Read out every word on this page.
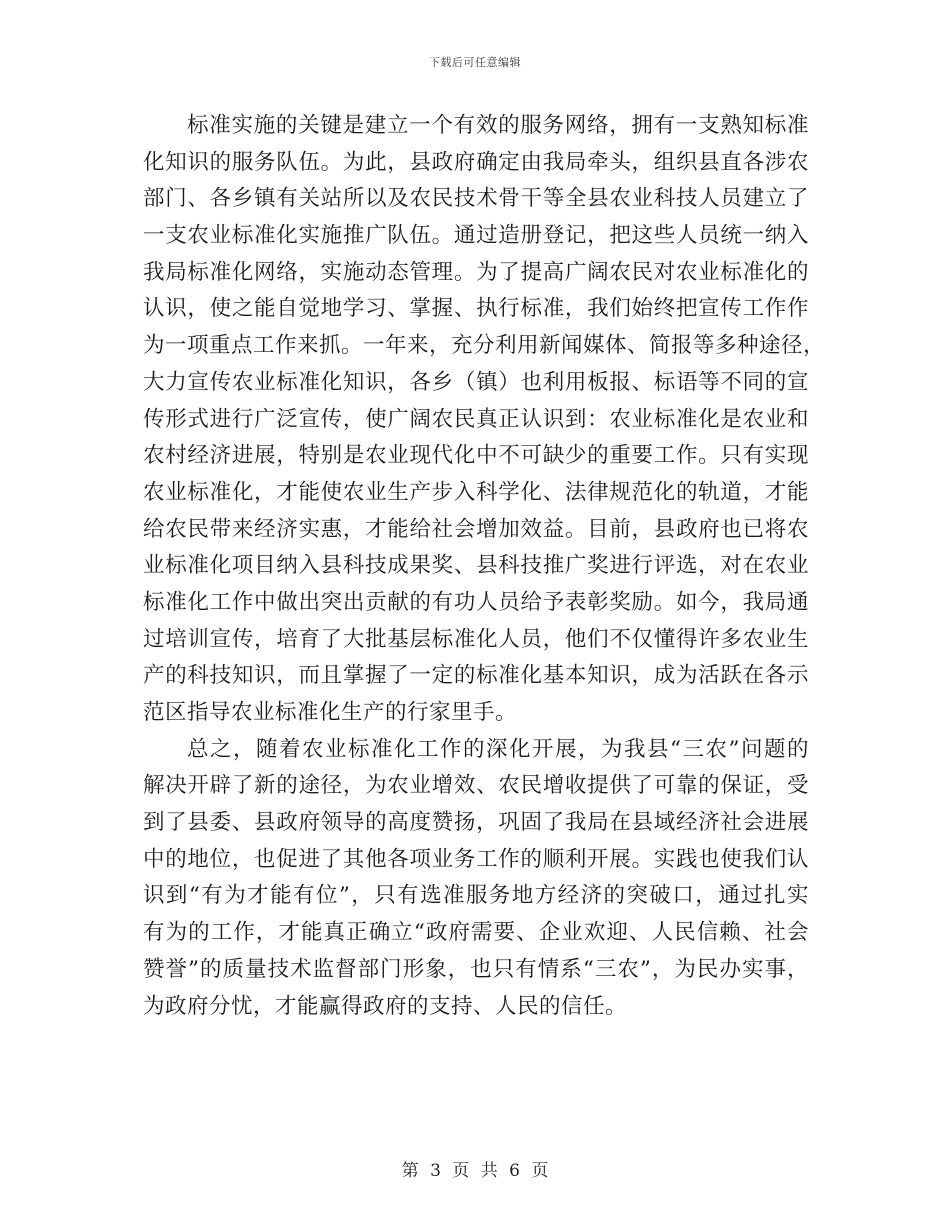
下载后可任意编辑
标准实施的关键是建立一个有效的服务网络，拥有一支熟知标准
化知识的服务队伍。为此，县政府确定由我局牵头，组织县直各涉农
部门、各乡镇有关站所以及农民技术骨干等全县农业科技人员建立了
一支农业标准化实施推广队伍。通过造册登记，把这些人员统一纳入
我局标准化网络，实施动态管理。为了提高广阔农民对农业标准化的
认识，使之能自觉地学习、掌握、执行标准，我们始终把宣传工作作
为一项重点工作来抓。一年来，充分利用新闻媒体、简报等多种途径，
大力宣传农业标准化知识，各乡（镇）也利用板报、标语等不同的宣
传形式进行广泛宣传，使广阔农民真正认识到：农业标准化是农业和
农村经济进展，特别是农业现代化中不可缺少的重要工作。只有实现
农业标准化，才能使农业生产步入科学化、法律规范化的轨道，才能
给农民带来经济实惠，才能给社会增加效益。目前，县政府也已将农
业标准化项目纳入县科技成果奖、县科技推广奖进行评选，对在农业
标准化工作中做出突出贡献的有功人员给予表彰奖励。如今，我局通
过培训宣传，培育了大批基层标准化人员，他们不仅懂得许多农业生
产的科技知识，而且掌握了一定的标准化基本知识，成为活跃在各示
范区指导农业标准化生产的行家里手。
总之，随着农业标准化工作的深化开展，为我县“三农”问题的
解决开辟了新的途径，为农业增效、农民增收提供了可靠的保证，受
到了县委、县政府领导的高度赞扬，巩固了我局在县域经济社会进展
中的地位，也促进了其他各项业务工作的顺利开展。实践也使我们认
识到“有为才能有位”，只有选准服务地方经济的突破口，通过扎实
有为的工作，才能真正确立“政府需要、企业欢迎、人民信赖、社会
赞誉”的质量技术监督部门形象，也只有情系“三农”，为民办实事，
为政府分忧，才能赢得政府的支持、人民的信任。
第 3 页 共 6 页
